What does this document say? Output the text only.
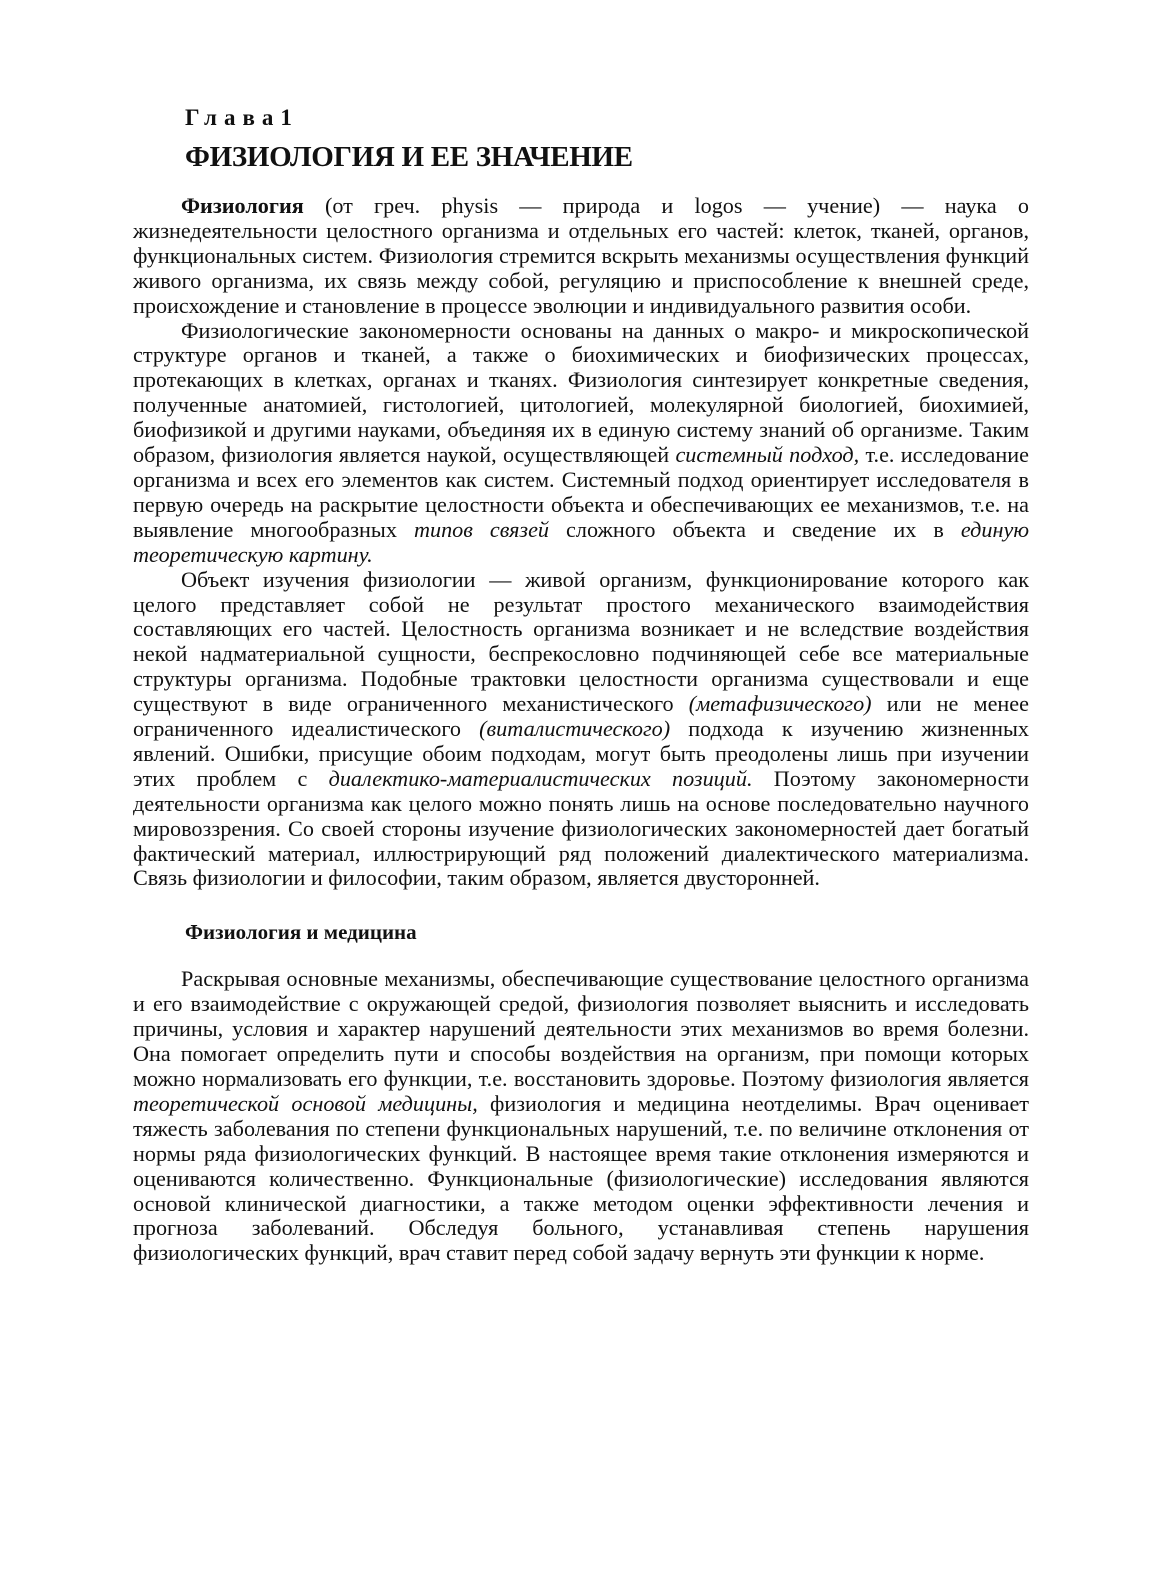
Глава1
ФИЗИОЛОГИЯ И ЕЕ ЗНАЧЕНИЕ

Физиология (от греч. physis — природа и logos — учение) — наука о жизнедеятельности целостного организма и отдельных его частей: клеток, тканей, органов, функциональных систем. Физиология стремится вскрыть механизмы осуществления функций живого организма, их связь между собой, регуляцию и приспособление к внешней среде, происхождение и становление в процессе эволюции и индивидуального развития особи.

Физиологические закономерности основаны на данных о макро- и микроскопической структуре органов и тканей, а также о биохимических и биофизических процессах, протекающих в клетках, органах и тканях. Физиология синтезирует конкретные сведения, полученные анатомией, гистологией, цитологией, молекулярной биологией, биохимией, биофизикой и другими науками, объединяя их в единую систему знаний об организме. Таким образом, физиология является наукой, осуществляющей системный подход, т.е. исследование организма и всех его элементов как систем. Системный подход ориентирует исследователя в первую очередь на раскрытие целостности объекта и обеспечивающих ее механизмов, т.е. на выявление многообразных типов связей сложного объекта и сведение их в единую теоретическую картину.

Объект изучения физиологии — живой организм, функционирование которого как целого представляет собой не результат простого механического взаимодействия составляющих его частей. Целостность организма возникает и не вследствие воздействия некой надматериальной сущности, беспрекословно подчиняющей себе все материальные структуры организма. Подобные трактовки целостности организма существовали и еще существуют в виде ограниченного механистического (метафизического) или не менее ограниченного идеалистического (виталистического) подхода к изучению жизненных явлений. Ошибки, присущие обоим подходам, могут быть преодолены лишь при изучении этих проблем с диалектико-материалистических позиций. Поэтому закономерности деятельности организма как целого можно понять лишь на основе последовательно научного мировоззрения. Со своей стороны изучение физиологических закономерностей дает богатый фактический материал, иллюстрирующий ряд положений диалектического материализма. Связь физиологии и философии, таким образом, является двусторонней.

Физиология и медицина

Раскрывая основные механизмы, обеспечивающие существование целостного организма и его взаимодействие с окружающей средой, физиология позволяет выяснить и исследовать причины, условия и характер нарушений деятельности этих механизмов во время болезни. Она помогает определить пути и способы воздействия на организм, при помощи которых можно нормализовать его функции, т.е. восстановить здоровье. Поэтому физиология является теоретической основой медицины, физиология и медицина неотделимы. Врач оценивает тяжесть заболевания по степени функциональных нарушений, т.е. по величине отклонения от нормы ряда физиологических функций. В настоящее время такие отклонения измеряются и оцениваются количественно. Функциональные (физиологические) исследования являются основой клинической диагностики, а также методом оценки эффективности лечения и прогноза заболеваний. Обследуя больного, устанавливая степень нарушения физиологических функций, врач ставит перед собой задачу вернуть эти функции к норме.
